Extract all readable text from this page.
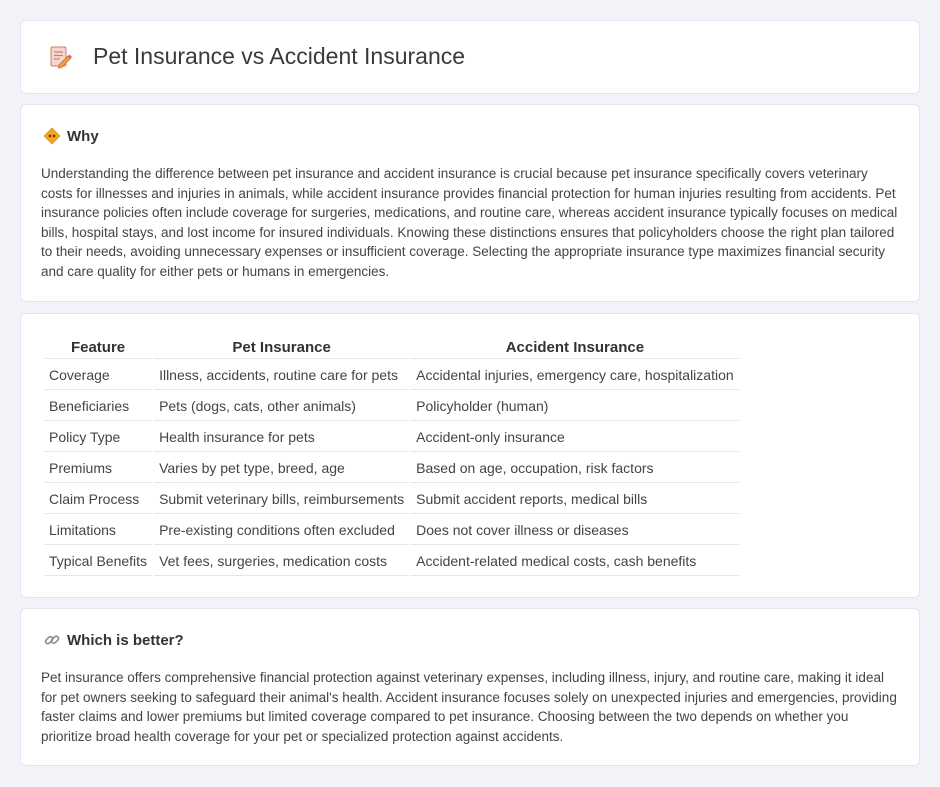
Pet Insurance vs Accident Insurance
Why

Understanding the difference between pet insurance and accident insurance is crucial because pet insurance specifically covers veterinary costs for illnesses and injuries in animals, while accident insurance provides financial protection for human injuries resulting from accidents. Pet insurance policies often include coverage for surgeries, medications, and routine care, whereas accident insurance typically focuses on medical bills, hospital stays, and lost income for insured individuals. Knowing these distinctions ensures that policyholders choose the right plan tailored to their needs, avoiding unnecessary expenses or insufficient coverage. Selecting the appropriate insurance type maximizes financial security and care quality for either pets or humans in emergencies.

Feature	Pet Insurance	Accident Insurance
Coverage	Illness, accidents, routine care for pets	Accidental injuries, emergency care, hospitalization
Beneficiaries	Pets (dogs, cats, other animals)	Policyholder (human)
Policy Type	Health insurance for pets	Accident-only insurance
Premiums	Varies by pet type, breed, age	Based on age, occupation, risk factors
Claim Process	Submit veterinary bills, reimbursements	Submit accident reports, medical bills
Limitations	Pre-existing conditions often excluded	Does not cover illness or diseases
Typical Benefits	Vet fees, surgeries, medication costs	Accident-related medical costs, cash benefits
Which is better?

Pet insurance offers comprehensive financial protection against veterinary expenses, including illness, injury, and routine care, making it ideal for pet owners seeking to safeguard their animal's health. Accident insurance focuses solely on unexpected injuries and emergencies, providing faster claims and lower premiums but limited coverage compared to pet insurance. Choosing between the two depends on whether you prioritize broad health coverage for your pet or specialized protection against accidents.
